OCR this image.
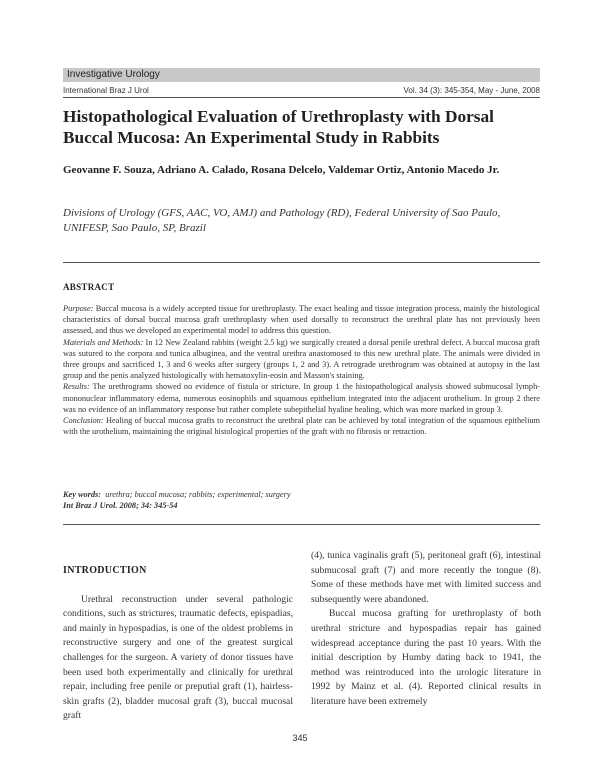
Investigative Urology
International Braz J Urol	Vol. 34 (3): 345-354, May - June, 2008
Histopathological Evaluation of Urethroplasty with Dorsal
Buccal Mucosa: An Experimental Study in Rabbits
Geovanne F. Souza, Adriano A. Calado, Rosana Delcelo, Valdemar Ortiz, Antonio Macedo Jr.
Divisions of Urology (GFS, AAC, VO, AMJ) and Pathology (RD), Federal University of Sao Paulo,
UNIFESP, Sao Paulo, SP, Brazil
ABSTRACT

Purpose: Buccal mucosa is a widely accepted tissue for urethroplasty. The exact healing and tissue integration process, mainly the histological characteristics of dorsal buccal mucosa graft urethroplasty when used dorsally to reconstruct the urethral plate has not previously been assessed, and thus we developed an experimental model to address this question.

Materials and Methods: In 12 New Zealand rabbits (weight 2.5 kg) we surgically created a dorsal penile urethral defect. A buccal mucosa graft was sutured to the corpora and tunica albuginea, and the ventral urethra anastomosed to this new urethral plate. The animals were divided in three groups and sacrificed 1, 3 and 6 weeks after surgery (groups 1, 2 and 3). A retrograde urethrogram was obtained at autopsy in the last group and the penis analyzed histologically with hematoxylin-eosin and Masson's staining.

Results: The urethrograms showed no evidence of fistula or stricture. In group 1 the histopathological analysis showed submucosal lymph-mononuclear inflammatory edema, numerous eosinophils and squamous epithelium integrated into the adjacent urothelium. In group 2 there was no evidence of an inflammatory response but rather complete subepithelial hyaline healing, which was more marked in group 3.

Conclusion: Healing of buccal mucosa grafts to reconstruct the urethral plate can be achieved by total integration of the squamous epithelium with the urothelium, maintaining the original histological properties of the graft with no fibrosis or retraction.

Key words: urethra; buccal mucosa; rabbits; experimental; surgery
Int Braz J Urol. 2008; 34: 345-54

INTRODUCTION

Urethral reconstruction under several pathologic conditions, such as strictures, traumatic defects, epispadias, and mainly in hypospadias, is one of the oldest problems in reconstructive surgery and one of the greatest surgical challenges for the surgeon. A variety of donor tissues have been used both experimentally and clinically for urethral repair, including free penile or preputial graft (1), hairless-skin grafts (2), bladder mucosal graft (3), buccal mucosal graft

(4), tunica vaginalis graft (5), peritoneal graft (6), intestinal submucosal graft (7) and more recently the tongue (8). Some of these methods have met with limited success and subsequently were abandoned.

Buccal mucosa grafting for urethroplasty of both urethral stricture and hypospadias repair has gained widespread acceptance during the past 10 years. With the initial description by Humby dating back to 1941, the method was reintroduced into the urologic literature in 1992 by Mainz et al. (4). Reported clinical results in literature have been extremely

345
